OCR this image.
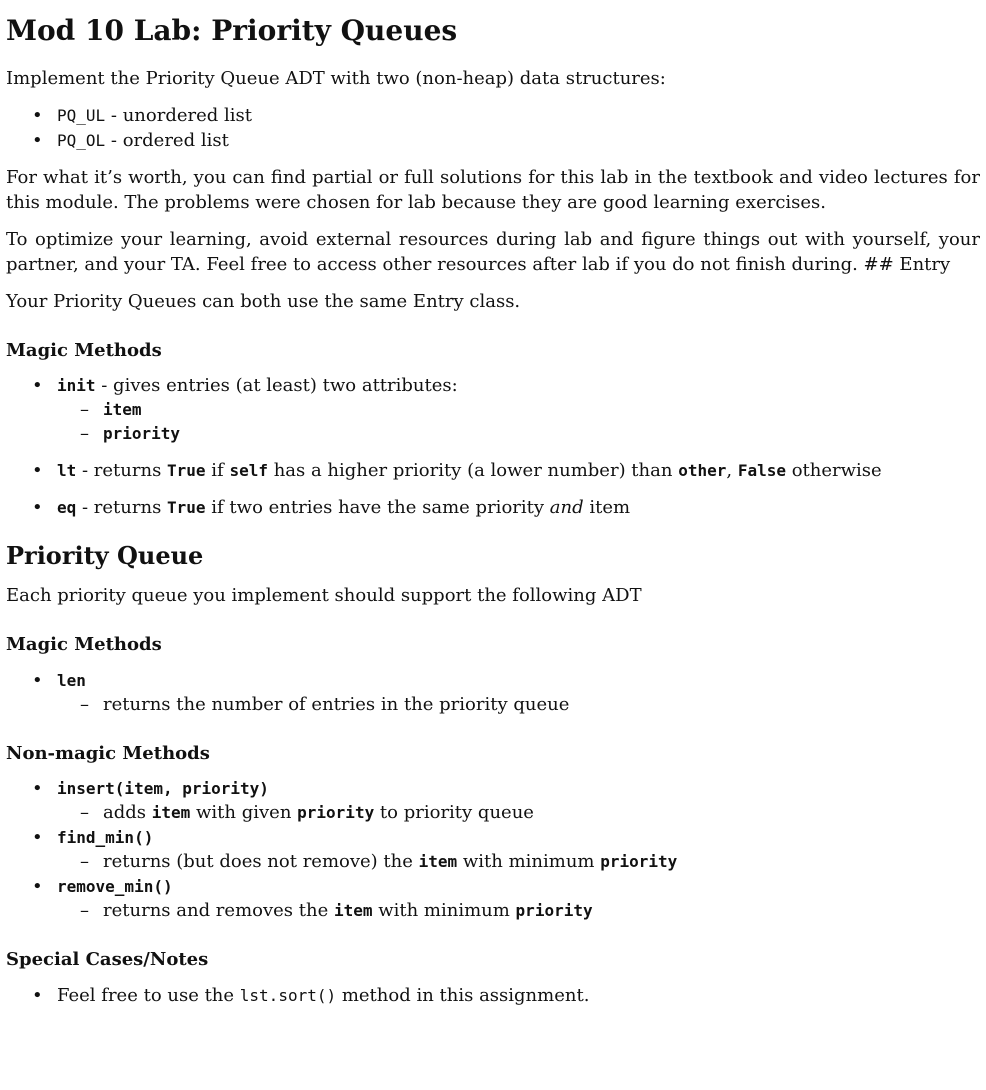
Mod 10 Lab: Priority Queues

Implement the Priority Queue ADT with two (non-heap) data structures:

• PQ_UL - unordered list
• PQ_OL - ordered list

For what it’s worth, you can find partial or full solutions for this lab in the textbook and video lectures for this module. The problems were chosen for lab because they are good learning exercises.

To optimize your learning, avoid external resources during lab and figure things out with yourself, your partner, and your TA. Feel free to access other resources after lab if you do not finish during. ## Entry

Your Priority Queues can both use the same Entry class.

Magic Methods
• init - gives entries (at least) two attributes:
– item
– priority
• lt - returns True if self has a higher priority (a lower number) than other, False otherwise
• eq - returns True if two entries have the same priority and item
Priority Queue

Each priority queue you implement should support the following ADT

Magic Methods
• len
– returns the number of entries in the priority queue
Non-magic Methods
• insert(item, priority)
– adds item with given priority to priority queue
• find_min()
– returns (but does not remove) the item with minimum priority
• remove_min()
– returns and removes the item with minimum priority
Special Cases/Notes
• Feel free to use the lst.sort() method in this assignment.
